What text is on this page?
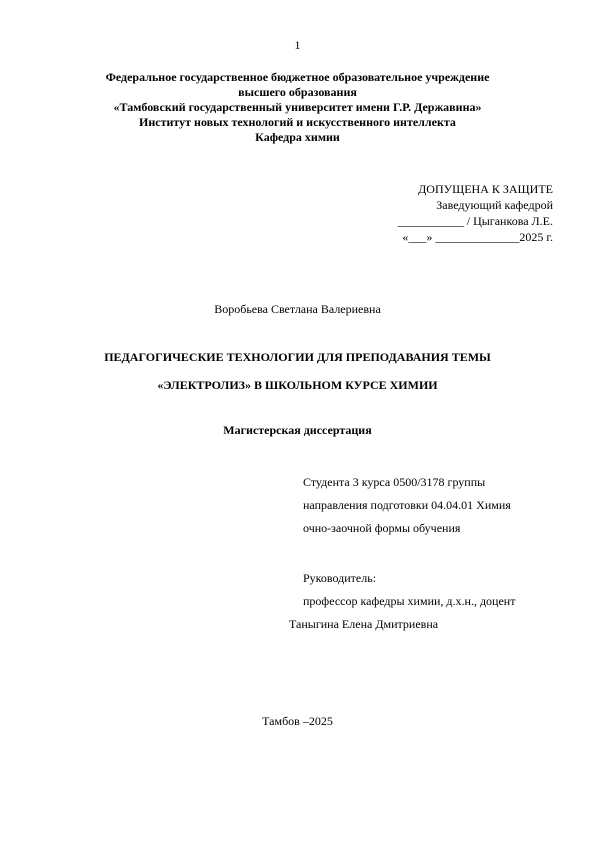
1
Федеральное государственное бюджетное образовательное учреждение
высшего образования
«Тамбовский государственный университет имени Г.Р. Державина»
Институт новых технологий и искусственного интеллекта
Кафедра химии
ДОПУЩЕНА К ЗАЩИТЕ
Заведующий кафедрой
___________ / Цыганкова Л.Е.
«___» ______________2025 г.
Воробьева Светлана Валериевна
ПЕДАГОГИЧЕСКИЕ ТЕХНОЛОГИИ ДЛЯ ПРЕПОДАВАНИЯ ТЕМЫ
«ЭЛЕКТРОЛИЗ» В ШКОЛЬНОМ КУРСЕ ХИМИИ
Магистерская диссертация
Студента 3 курса 0500/3178 группы
направления подготовки 04.04.01 Химия
очно-заочной формы обучения
Руководитель:
профессор кафедры химии, д.х.н., доцент
Таныгина Елена Дмитриевна
Тамбов –2025
